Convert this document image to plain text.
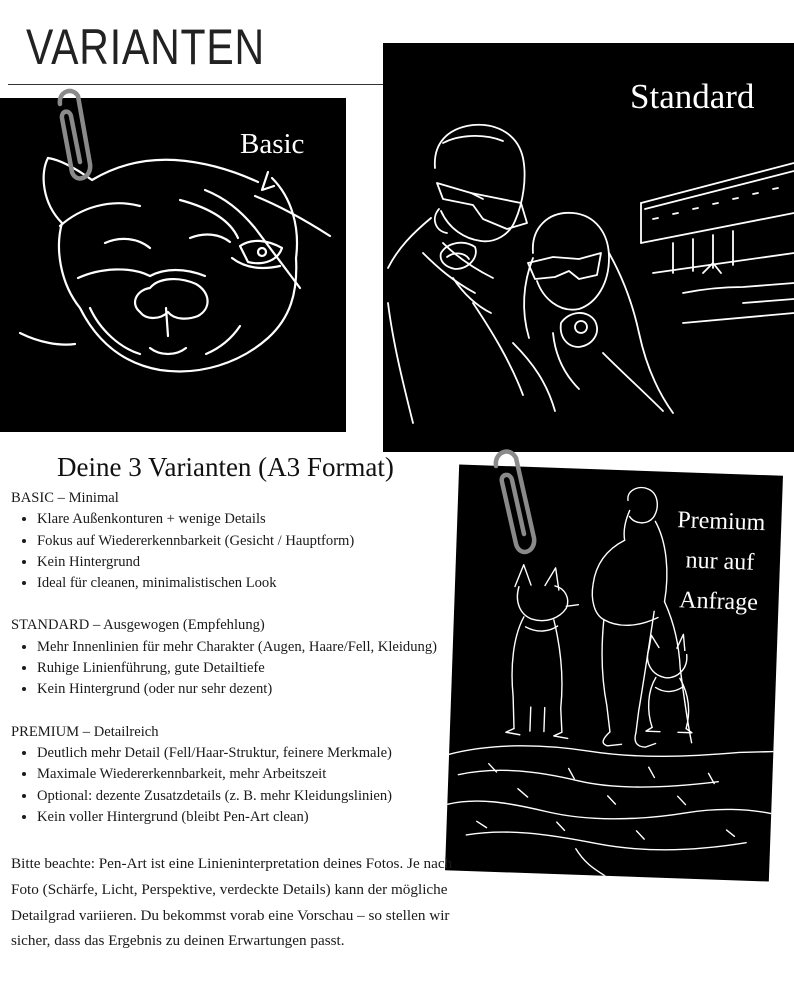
VARIANTEN
Basic
Standard
Premium
nur auf
Anfrage
Deine 3 Varianten (A3 Format)
BASIC – Minimal
• Klare Außenkonturen + wenige Details
• Fokus auf Wiedererkennbarkeit (Gesicht / Hauptform)
• Kein Hintergrund
• Ideal für cleanen, minimalistischen Look
STANDARD – Ausgewogen (Empfehlung)
• Mehr Innenlinien für mehr Charakter (Augen, Haare/Fell, Kleidung)
• Ruhige Linienführung, gute Detailtiefe
• Kein Hintergrund (oder nur sehr dezent)
PREMIUM – Detailreich
• Deutlich mehr Detail (Fell/Haar-Struktur, feinere Merkmale)
• Maximale Wiedererkennbarkeit, mehr Arbeitszeit
• Optional: dezente Zusatzdetails (z. B. mehr Kleidungslinien)
• Kein voller Hintergrund (bleibt Pen-Art clean)
Bitte beachte: Pen-Art ist eine Linieninterpretation deines Fotos. Je nach Foto (Schärfe, Licht, Perspektive, verdeckte Details) kann der mögliche Detailgrad variieren. Du bekommst vorab eine Vorschau – so stellen wir sicher, dass das Ergebnis zu deinen Erwartungen passt.
